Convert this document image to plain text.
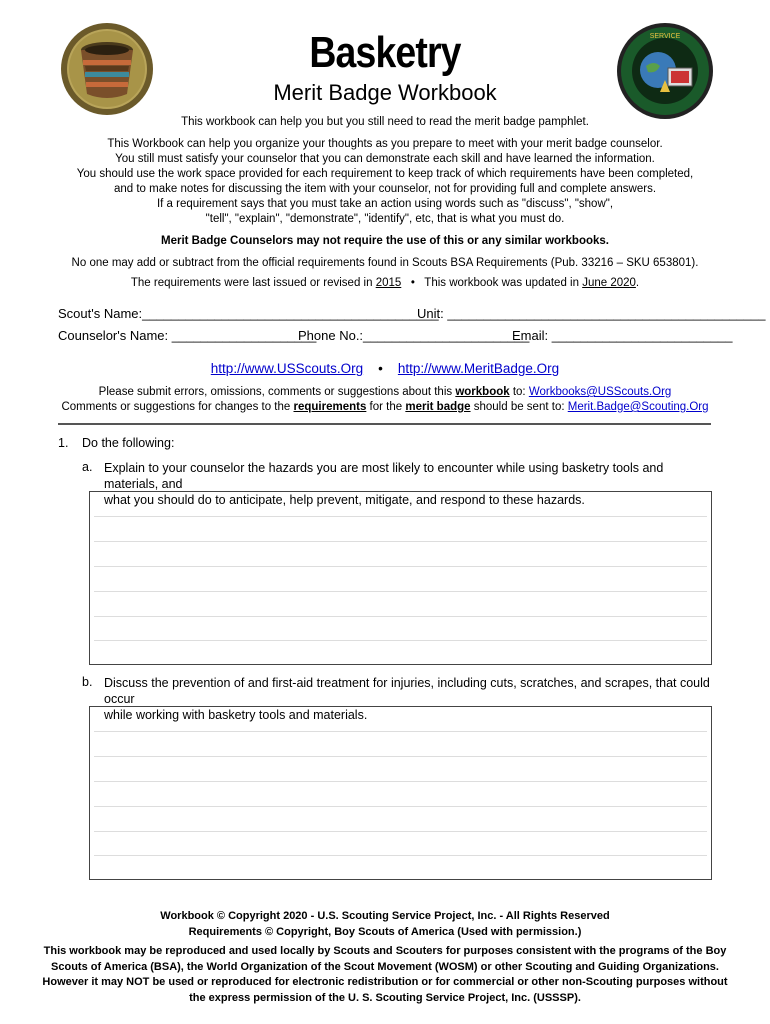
SERVICE
Basketry
Merit Badge Workbook
This workbook can help you but you still need to read the merit badge pamphlet.
This Workbook can help you organize your thoughts as you prepare to meet with your merit badge counselor.
You still must satisfy your counselor that you can demonstrate each skill and have learned the information.
You should use the work space provided for each requirement to keep track of which requirements have been completed,
and to make notes for discussing the item with your counselor, not for providing full and complete answers.
If a requirement says that you must take an action using words such as "discuss", "show",
"tell", "explain", "demonstrate", "identify", etc, that is what you must do.
Merit Badge Counselors may not require the use of this or any similar workbooks.
No one may add or subtract from the official requirements found in Scouts BSA Requirements (Pub. 33216 – SKU 653801).
The requirements were last issued or revised in 2015 • This workbook was updated in June 2020.
Scout's Name:_________________________________________
Unit: ____________________________________________
Counselor's Name: ____________________
Phone No.:_______________________
Email: _________________________
http://www.USScouts.Org • http://www.MeritBadge.Org
Please submit errors, omissions, comments or suggestions about this workbook to: Workbooks@USScouts.Org
Comments or suggestions for changes to the requirements for the merit badge should be sent to: Merit.Badge@Scouting.Org
1. Do the following:
a. Explain to your counselor the hazards you are most likely to encounter while using basketry tools and materials, and
what you should do to anticipate, help prevent, mitigate, and respond to these hazards.
b. Discuss the prevention of and first-aid treatment for injuries, including cuts, scratches, and scrapes, that could occur
while working with basketry tools and materials.
Workbook © Copyright 2020 - U.S. Scouting Service Project, Inc. - All Rights Reserved
Requirements © Copyright, Boy Scouts of America (Used with permission.)
This workbook may be reproduced and used locally by Scouts and Scouters for purposes consistent with the programs of the Boy
Scouts of America (BSA), the World Organization of the Scout Movement (WOSM) or other Scouting and Guiding Organizations.
However it may NOT be used or reproduced for electronic redistribution or for commercial or other non-Scouting purposes without
the express permission of the U. S. Scouting Service Project, Inc. (USSSP).
